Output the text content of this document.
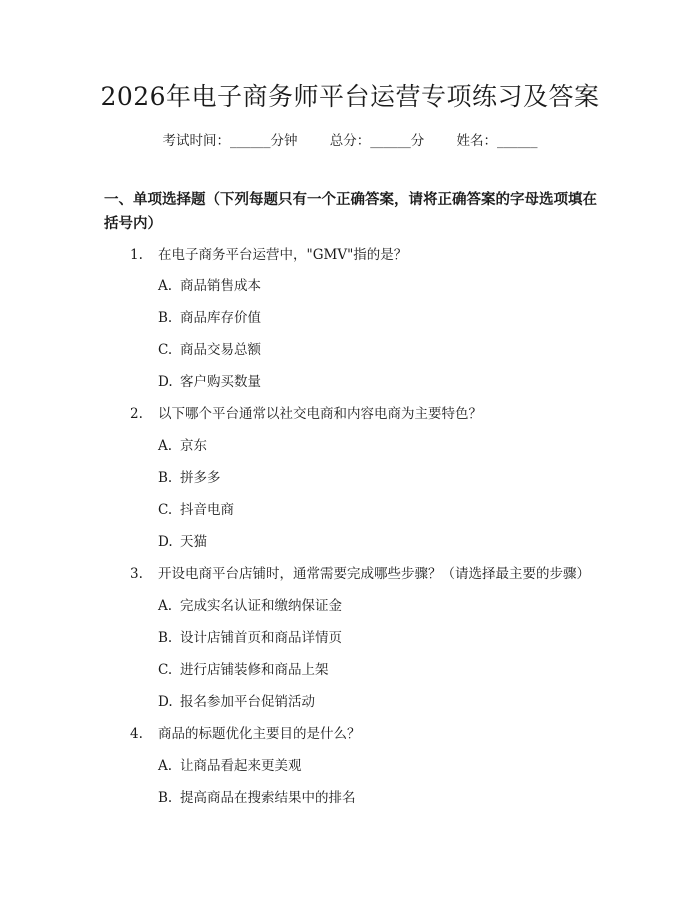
2026年电子商务师平台运营专项练习及答案
考试时间：______分钟 总分：______分 姓名：______
一、单项选择题（下列每题只有一个正确答案，请将正确答案的字母选项填在括号内）
1. 在电子商务平台运营中，"GMV"指的是？
A. 商品销售成本
B. 商品库存价值
C. 商品交易总额
D. 客户购买数量
2. 以下哪个平台通常以社交电商和内容电商为主要特色？
A. 京东
B. 拼多多
C. 抖音电商
D. 天猫
3. 开设电商平台店铺时，通常需要完成哪些步骤？（请选择最主要的步骤）
A. 完成实名认证和缴纳保证金
B. 设计店铺首页和商品详情页
C. 进行店铺装修和商品上架
D. 报名参加平台促销活动
4. 商品的标题优化主要目的是什么？
A. 让商品看起来更美观
B. 提高商品在搜索结果中的排名
